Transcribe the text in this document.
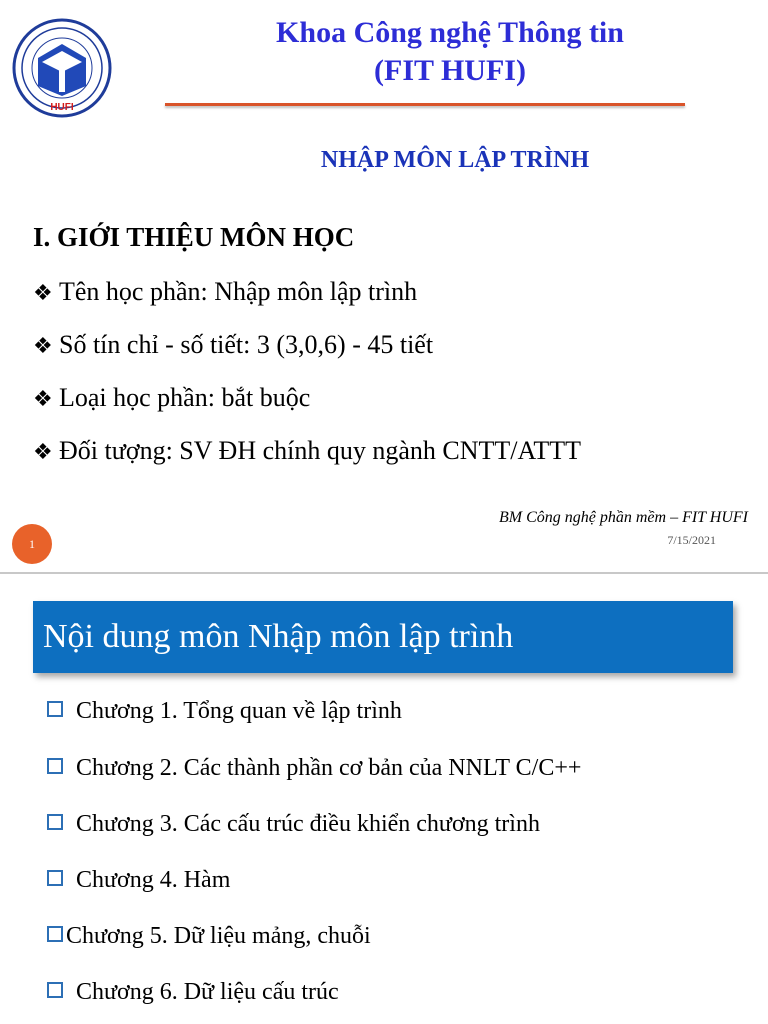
HUFI
Khoa Công nghệ Thông tin
(FIT HUFI)
NHẬP MÔN LẬP TRÌNH
I. GIỚI THIỆU MÔN HỌC
❖ Tên học phần: Nhập môn lập trình
❖ Số tín chỉ - số tiết: 3 (3,0,6) - 45 tiết
❖ Loại học phần: bắt buộc
❖ Đối tượng: SV ĐH chính quy ngành CNTT/ATTT
BM Công nghệ phần mềm – FIT HUFI
7/15/2021
1
Nội dung môn Nhập môn lập trình
Chương 1. Tổng quan về lập trình
Chương 2. Các thành phần cơ bản của NNLT C/C++
Chương 3. Các cấu trúc điều khiển chương trình
Chương 4. Hàm
Chương 5. Dữ liệu mảng, chuỗi
Chương 6. Dữ liệu cấu trúc
